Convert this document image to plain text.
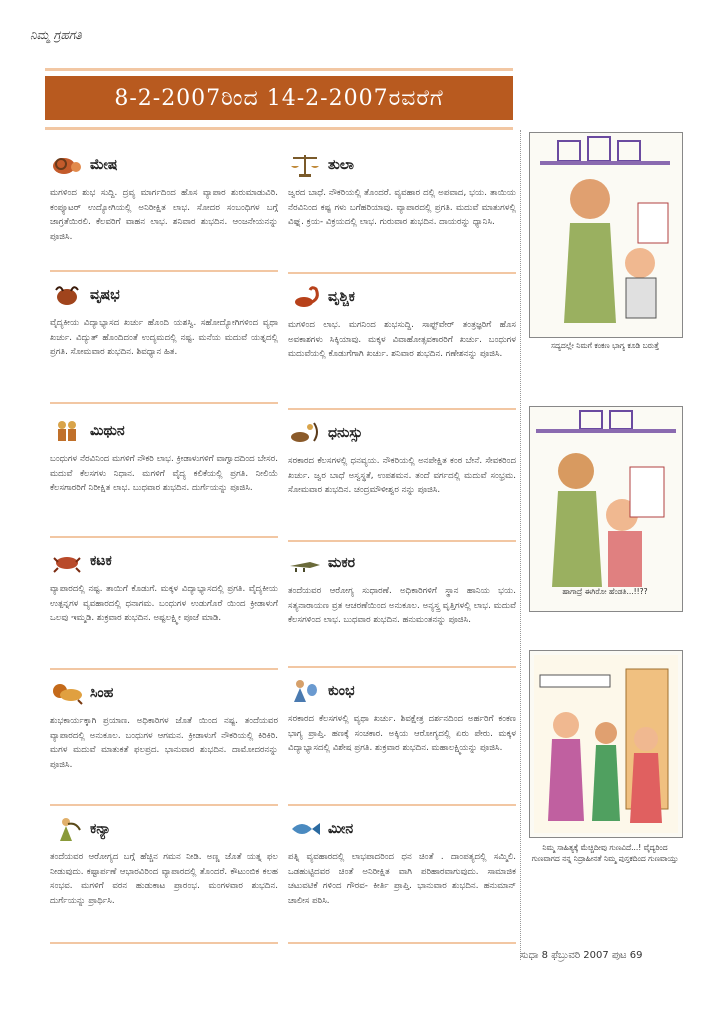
ನಿಮ್ಮ ಗ್ರಹಗತಿ
8-2-2007ರಿಂದ 14-2-2007ರವರೆಗೆ
ಮೇಷ
ಮಗಳಿಂದ ಶುಭ ಸುದ್ದಿ. ದ್ರವ್ಯ ಮಾರ್ಗದಿಂದ ಹೊಸ ವ್ಯಾಪಾರ ಶುರುಮಾಡುವಿರಿ. ಕಂಪ್ಯೂಟರ್ ಉದ್ಯೋಗಿಯಲ್ಲಿ ಅನಿರೀಕ್ಷಿತ ಲಾಭ. ಸೋದರ ಸಂಬಂಧಿಗಳ ಬಗ್ಗೆ ಜಾಗ್ರತೆಯಿರಲಿ. ಕೆಲವರಿಗೆ ವಾಹನ ಲಾಭ. ಶನಿವಾರ ಶುಭದಿನ. ಆಂಜನೇಯನನ್ನು ಪೂಜಿಸಿ.
ವೃಷಭ
ವೈದ್ಯಕೀಯ ವಿದ್ಯಾಭ್ಯಾಸದ ಖರ್ಚು ಹೊಂದಿ ಯಶಸ್ವಿ. ಸಹೋದ್ಯೋಗಿಗಳಿಂದ ವ್ಯಥಾ ಖರ್ಚು. ವಿದ್ಯುತ್ ಹೊಂದಿದಂತೆ ಉದ್ಯಮದಲ್ಲಿ ನಷ್ಟ. ಮನೆಯ ಮದುವೆ ಯತ್ನದಲ್ಲಿ ಪ್ರಗತಿ. ಸೋಮವಾರ ಶುಭದಿನ. ಶಿವಧ್ಯಾನ ಹಿತ.
ಮಿಥುನ
ಬಂಧುಗಳ ನೆರವಿನಿಂದ ಮಗಳಿಗೆ ನೌಕರಿ ಲಾಭ. ಕ್ರೀಡಾಳುಗಳಿಗೆ ವಾಗ್ವಾದದಿಂದ ಬೇಸರ. ಮದುವೆ ಕೆಲಸಗಳು ನಿಧಾನ. ಮಗಳಿಗೆ ವೈದ್ಯ ಕಲಿಕೆಯಲ್ಲಿ ಪ್ರಗತಿ. ನೀಲಿಯೆ ಕೆಲಸಗಾರರಿಗೆ ನಿರೀಕ್ಷಿತ ಲಾಭ. ಬುಧವಾರ ಶುಭದಿನ. ದುರ್ಗೆಯನ್ನು ಪೂಜಿಸಿ.
ಕಟಕ
ವ್ಯಾಪಾರದಲ್ಲಿ ನಷ್ಟ. ತಾಯಿಗೆ ಕೊಡುಗೆ. ಮಕ್ಕಳ ವಿದ್ಯಾಭ್ಯಾಸದಲ್ಲಿ ಪ್ರಗತಿ. ವೈದ್ಯಕೀಯ ಉತ್ಪನ್ನಗಳ ವ್ಯವಹಾರದಲ್ಲಿ ಧನಾಗಮ. ಬಂಧುಗಳ ಉಡುಗೊರೆ ಯಿಂದ ಕ್ರೀಡಾಳುಗೆ ಒಲವು ಇಮ್ಮಡಿ. ಶುಕ್ರವಾರ ಶುಭದಿನ. ಅಷ್ಟಲಕ್ಷ್ಮೀ ಪೂಜೆ ಮಾಡಿ.
ಸಿಂಹ
ಶುಭಕಾರ್ಯಕ್ಕಾಗಿ ಪ್ರಯಾಣ. ಅಧಿಕಾರಿಗಳ ಜೊತೆ ಯಿಂದ ನಷ್ಟ. ತಂದೆಯವರ ವ್ಯಾಪಾರದಲ್ಲಿ ಅನುಕೂಲ. ಬಂಧುಗಳ ಆಗಮನ. ಕ್ರೀಡಾಳುಗೆ ನೌಕರಿಯಲ್ಲಿ ಕಿರಿಕಿರಿ. ಮಗಳ ಮದುವೆ ಮಾತುಕತೆ ಫಲಪ್ರದ. ಭಾನುವಾರ ಶುಭದಿನ. ದಾಮೋದರನನ್ನು ಪೂಜಿಸಿ.
ಕನ್ಯಾ
ತಂದೆಯವರ ಆರೋಗ್ಯದ ಬಗ್ಗೆ ಹೆಚ್ಚಿನ ಗಮನ ನೀಡಿ. ಅಣ್ಣ ಜೊತೆ ಯತ್ನ ಫಲ ನೀಡುವುದು. ಕಷ್ಟಾರ್ಪಣೆ ಆಭಾರವಿರಿಂದ ವ್ಯಾಪಾರದಲ್ಲಿ ತೊಂದರೆ. ಕೌಟುಂಬಿಕ ಕಲಹ ಸಂಭವ. ಮಗಳಿಗೆ ವರನ ಹುಡುಕಾಟ ಪ್ರಾರಂಭ. ಮಂಗಳವಾರ ಶುಭದಿನ. ದುರ್ಗೆಯನ್ನು ಪ್ರಾರ್ಥಿಸಿ.
ತುಲಾ
ಜ್ವರದ ಬಾಧೆ. ನೌಕರಿಯಲ್ಲಿ ತೊಂದರೆ. ವ್ಯವಹಾರ ದಲ್ಲಿ ಅಪವಾದ, ಭಯ. ತಾಯಿಯ ನೆರವಿನಿಂದ ಕಷ್ಟ ಗಳು ಬಗೆಹರಿಯಾವು. ವ್ಯಾಪಾರದಲ್ಲಿ ಪ್ರಗತಿ. ಮದುವೆ ಮಾತುಗಳಲ್ಲಿ ವಿಘ್ನ. ಕ್ರಯ- ವಿಕ್ರಯದಲ್ಲಿ ಲಾಭ. ಗುರುವಾರ ಶುಭದಿನ. ದಾಯರನ್ನು ಧ್ಯಾನಿಸಿ.
ವೃಶ್ಚಿಕ
ಮಗಳಿಂದ ಲಾಭ. ಮಗನಿಂದ ಶುಭಸುದ್ದಿ. ಸಾಫ್ಟ್‌ವೇರ್ ತಂತ್ರಜ್ಞರಿಗೆ ಹೊಸ ಅವಕಾಶಗಳು ಸಿಕ್ಕಿಯಾವು. ಮಕ್ಕಳ ವಿವಾಹೋತ್ಸವಕಾರರಿಗೆ ಖರ್ಚು. ಬಂಧುಗಳ ಮದುವೆಯಲ್ಲಿ ಕೊಡುಗೆಗಾಗಿ ಖರ್ಚು. ಶನಿವಾರ ಶುಭದಿನ. ಗಣೇಶನನ್ನು ಪೂಜಿಸಿ.
ಧನುಸ್ಸು
ಸರಕಾರದ ಕೆಲಸಗಳಲ್ಲಿ ಧನವ್ಯಯ. ನೌಕರಿಯಲ್ಲಿ ಅನಪೇಕ್ಷಿತ ಕಂಠ ಬೇನೆ. ಸೇವಕರಿಂದ ಖರ್ಚು. ಜ್ವರ ಬಾಧೆ ಅಸ್ವಸ್ಥತೆ, ಉಪಶಮನ. ತಂದೆ ವರ್ಗದಲ್ಲಿ ಮದುವೆ ಸಂಭ್ರಮ. ಸೋಮವಾರ ಶುಭದಿನ. ಚಂದ್ರಮೌಳೀಶ್ವರ ನನ್ನು ಪೂಜಿಸಿ.
ಮಕರ
ತಂದೆಯವರ ಆರೋಗ್ಯ ಸುಧಾರಣೆ. ಅಧಿಕಾರಿಗಳಿಗೆ ಸ್ಥಾನ ಹಾನಿಯ ಭಯ. ಸತ್ಯನಾರಾಯಣ ವ್ರತ ಆಚರಣೆಯಿಂದ ಅನುಕೂಲ. ಅನ್ಯಸ್ತ್ರ ವೃತ್ತಿಗಳಲ್ಲಿ ಲಾಭ. ಮದುವೆ ಕೆಲಸಗಳಿಂದ ಲಾಭ. ಬುಧವಾರ ಶುಭದಿನ. ಹನುಮಂತನನ್ನು ಪೂಜಿಸಿ.
ಕುಂಭ
ಸರಕಾರದ ಕೆಲಸಗಳಲ್ಲಿ ವ್ಯಥಾ ಖರ್ಚು. ಶಿವಕ್ಷೇತ್ರ ದರ್ಶನದಿಂದ ಅರ್ಹರಿಗೆ ಕಂಕಣ ಭಾಗ್ಯ ಪ್ರಾಪ್ತಿ. ಹಣಕ್ಕೆ ಸಂಚಕಾರ. ಅಕ್ಕಿಯ ಆರೋಗ್ಯದಲ್ಲಿ ಏರು ಪೇರು. ಮಕ್ಕಳ ವಿದ್ಯಾಭ್ಯಾಸದಲ್ಲಿ ವಿಶೇಷ ಪ್ರಗತಿ. ಶುಕ್ರವಾರ ಶುಭದಿನ. ಮಹಾಲಕ್ಷ್ಮಿಯನ್ನು ಪೂಜಿಸಿ.
ಮೀನ
ಪತ್ನಿ ವ್ಯವಹಾರದಲ್ಲಿ ಲಾಭಪಾದರಿಂದ ಧನ ಚಿಂತೆ . ದಾಂಪತ್ಯದಲ್ಲಿ ಸಮ್ಮಿಲಿ. ಒಡಹುಟ್ಟಿದವರ ಚಿಂತೆ ಅನಿರೀಕ್ಷಿತ ವಾಗಿ ಪರಿಹಾರವಾಗುವುದು. ಸಾಮಾಜಿಕ ಚಟುವಟಿಕೆ ಗಳಿಂದ ಗೌರವ- ಕೀರ್ತಿ ಪ್ರಾಪ್ತಿ. ಭಾನುವಾರ ಶುಭದಿನ. ಹನುಮಾನ್ ಚಾಲೀಸ ಪಠಿಸಿ.
ಸದ್ಯದಲ್ಲೇ ನಿಮಗೆ ಕಂಕಣ ಭಾಗ್ಯ ಕೂಡಿ ಬರುತ್ತೆ
ಹಾಗಾದ್ರೆ ಈಗಿರೋ ಹೆಂಡತಿ...!!??
ನಿಮ್ಮ ಸಾಹಿತ್ಯಕ್ಕೆ ಮೆಚ್ಚಿದೀವು ಗುಣವಿದೆ...! ವೈದ್ಯರಿಂದ ಗುಣವಾಗದ ನನ್ನ ನಿದ್ರಾಹೀನತೆ ನಿಮ್ಮ ಪುಸ್ತಕದಿಂದ ಗುಣವಾಯ್ತು
ಸುಧಾ 8 ಫೆಬ್ರುವರಿ 2007 ಪುಟ 69
